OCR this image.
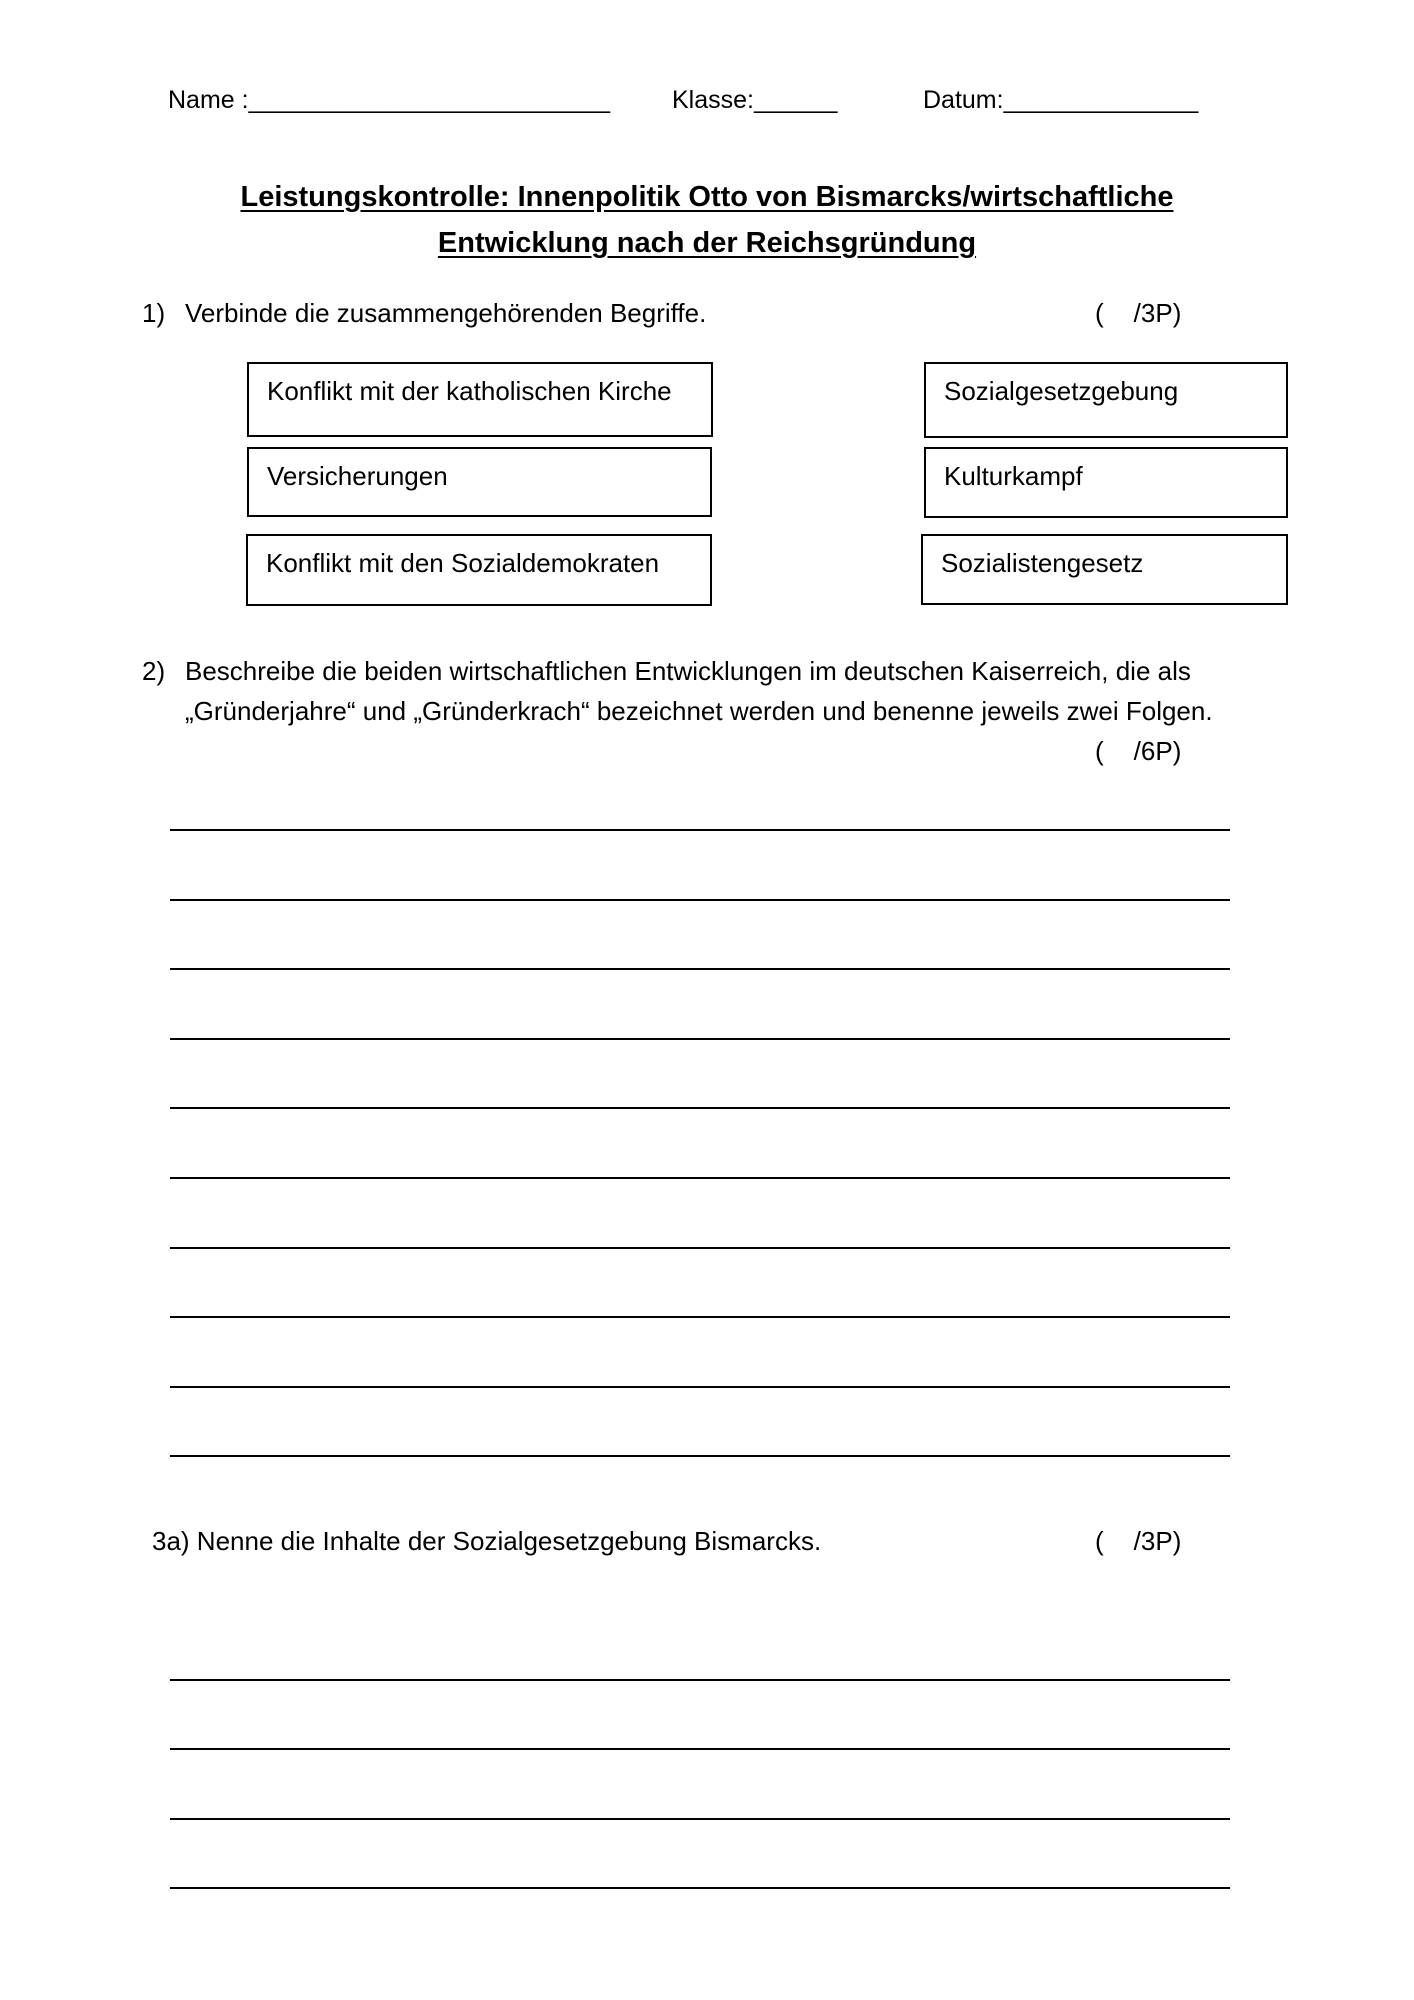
Name :__________________________ Klasse:______	Datum:______________
Leistungskontrolle: Innenpolitik Otto von Bismarcks/wirtschaftliche
Entwicklung nach der Reichsgründung
1) Verbinde die zusammengehörenden Begriffe.	( /3P)
Konflikt mit der katholischen Kirche
Versicherungen
Konflikt mit den Sozialdemokraten
Sozialgesetzgebung
Kulturkampf
Sozialistengesetz
2) Beschreibe die beiden wirtschaftlichen Entwicklungen im deutschen Kaiserreich, die als
„Gründerjahre“ und „Gründerkrach“ bezeichnet werden und benenne jeweils zwei Folgen.
( /6P)
3a) Nenne die Inhalte der Sozialgesetzgebung Bismarcks.	( /3P)
